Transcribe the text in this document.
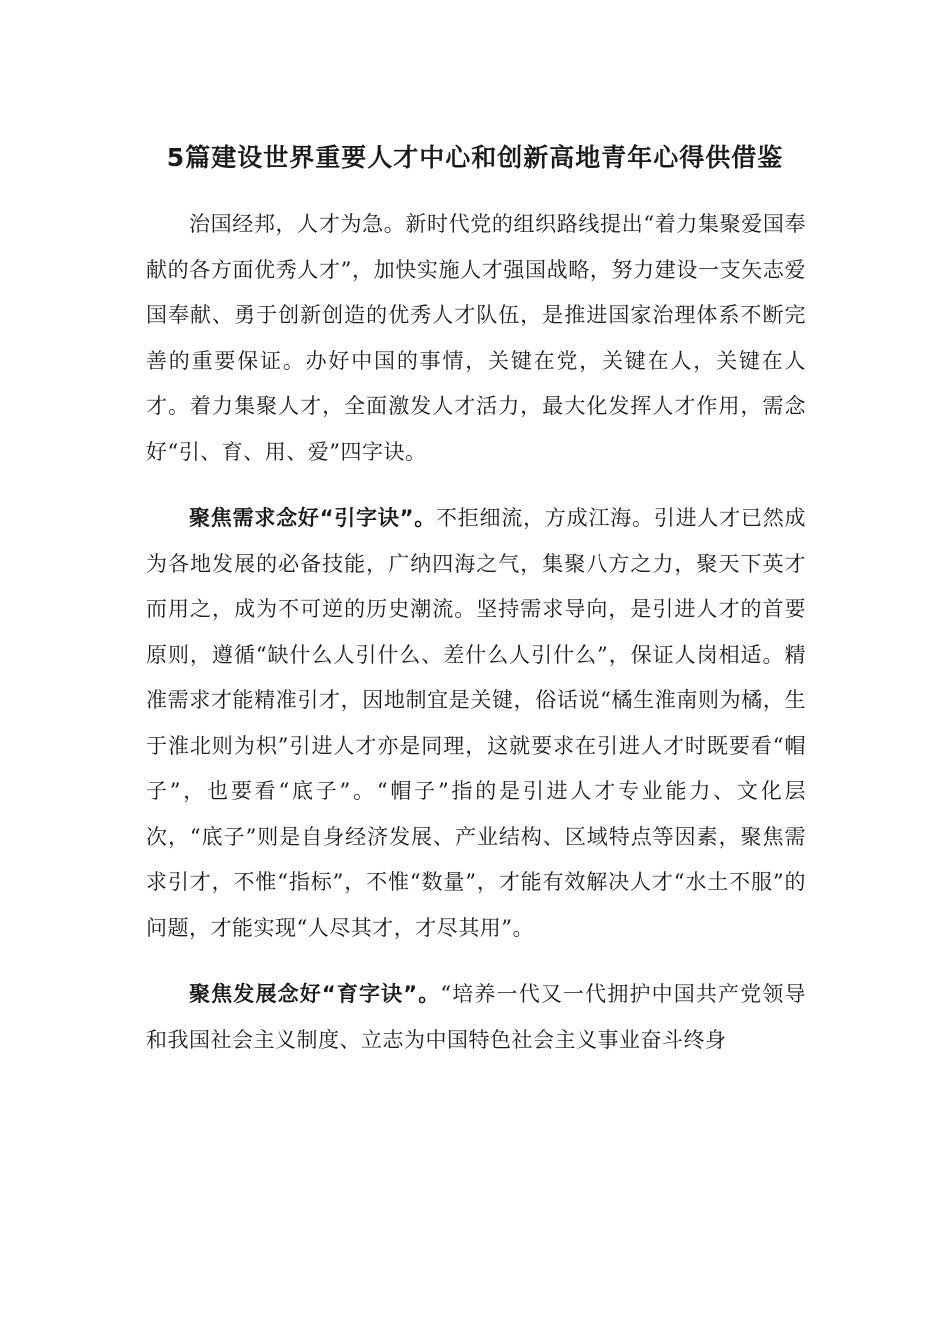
5篇建设世界重要人才中心和创新高地青年心得供借鉴

治国经邦，人才为急。新时代党的组织路线提出“着力集聚爱国奉献的各方面优秀人才”，加快实施人才强国战略，努力建设一支矢志爱国奉献、勇于创新创造的优秀人才队伍，是推进国家治理体系不断完善的重要保证。办好中国的事情，关键在党，关键在人，关键在人才。着力集聚人才，全面激发人才活力，最大化发挥人才作用，需念好“引、育、用、爱”四字诀。

聚焦需求念好“引字诀”。不拒细流，方成江海。引进人才已然成为各地发展的必备技能，广纳四海之气，集聚八方之力，聚天下英才而用之，成为不可逆的历史潮流。坚持需求导向，是引进人才的首要原则，遵循“缺什么人引什么、差什么人引什么”，保证人岗相适。精准需求才能精准引才，因地制宜是关键，俗话说“橘生淮南则为橘，生于淮北则为枳”引进人才亦是同理，这就要求在引进人才时既要看“帽子”，也要看“底子”。“帽子”指的是引进人才专业能力、文化层次，“底子”则是自身经济发展、产业结构、区域特点等因素，聚焦需求引才，不惟“指标”，不惟“数量”，才能有效解决人才“水土不服”的问题，才能实现“人尽其才，才尽其用”。

聚焦发展念好“育字诀”。“培养一代又一代拥护中国共产党领导和我国社会主义制度、立志为中国特色社会主义事业奋斗终身
